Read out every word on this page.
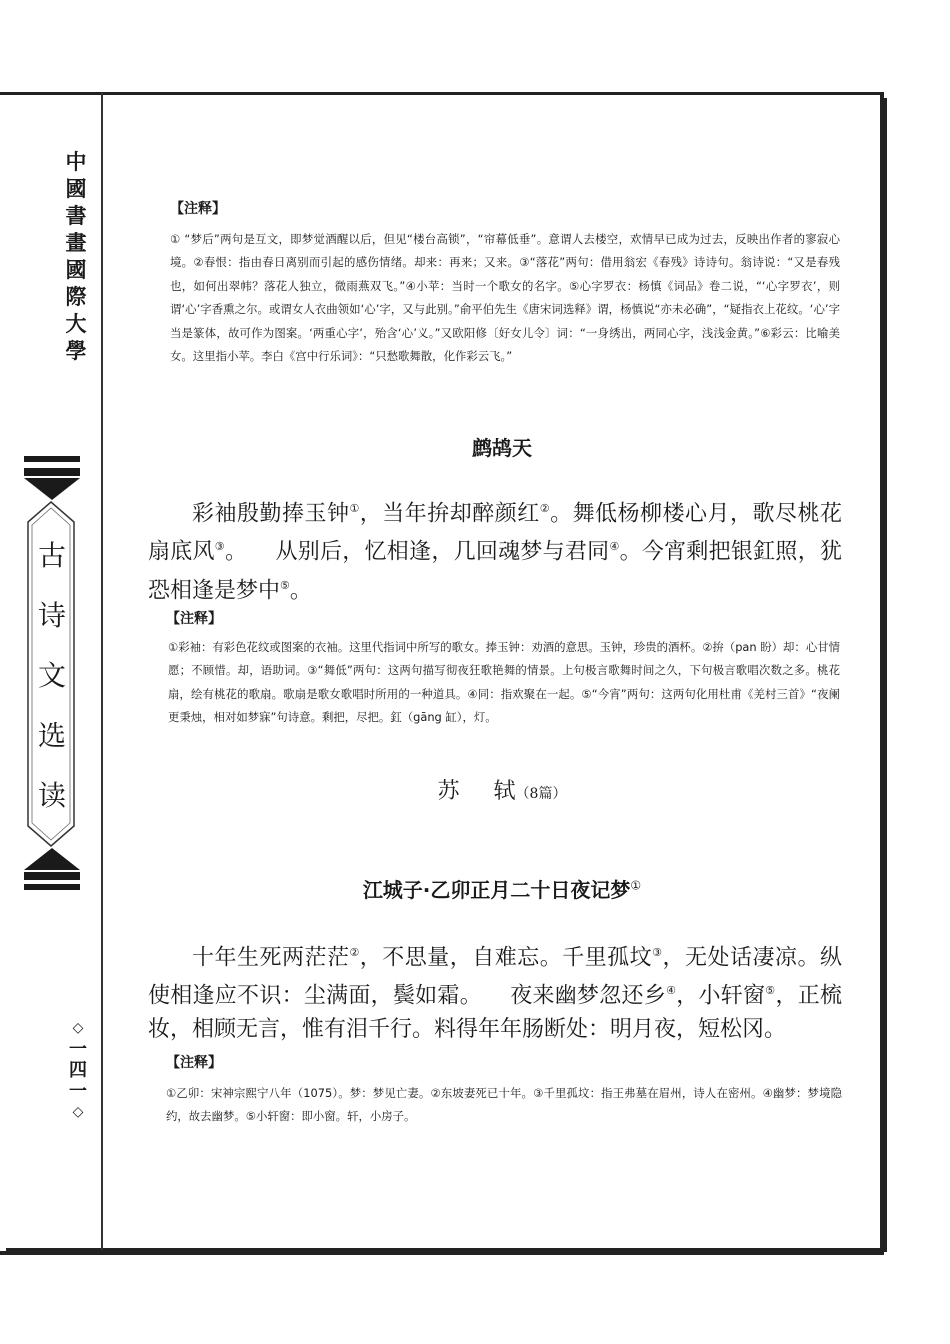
中
國
書
畫
國
際
大
學
古
诗
文
选
读
◇
一
四
一
◇

【注释】

① “梦后”两句是互文，即梦觉酒醒以后，但见“楼台高锁”，“帘幕低垂”。意谓人去楼空，欢情早已成为过去，反映出作者的寥寂心境。②春恨：指由春日离别而引起的感伤情绪。却来：再来；又来。③“落花”两句：借用翁宏《春残》诗诗句。翁诗说：“又是春残也，如何出翠帏？落花人独立，微雨燕双飞。”④小苹：当时一个歌女的名字。⑤心字罗衣：杨慎《词品》卷二说，“‘心字罗衣’，则谓‘心’字香熏之尔。或谓女人衣曲领如‘心’字，又与此别。”俞平伯先生《唐宋词选释》谓，杨慎说“亦未必确”，“疑指衣上花纹。‘心’字当是篆体，故可作为图案。‘两重心字’，殆含‘心’义。”又欧阳修〔好女儿令〕词：“一身绣出，两同心字，浅浅金黄。”⑥彩云：比喻美女。这里指小苹。李白《宫中行乐词》：“只愁歌舞散，化作彩云飞。”

鹧鸪天

彩袖殷勤捧玉钟①，当年拚却醉颜红②。舞低杨柳楼心月，歌尽桃花扇底风③。 从别后，忆相逢，几回魂梦与君同④。今宵剩把银釭照，犹恐相逢是梦中⑤。

【注释】

①彩袖：有彩色花纹或图案的衣袖。这里代指词中所写的歌女。捧玉钟：劝酒的意思。玉钟，珍贵的酒杯。②拚（pan 盼）却：心甘情愿；不顾惜。却，语助词。③“舞低”两句：这两句描写彻夜狂歌艳舞的情景。上句极言歌舞时间之久，下句极言歌唱次数之多。桃花扇，绘有桃花的歌扇。歌扇是歌女歌唱时所用的一种道具。④同：指欢聚在一起。⑤“今宵”两句：这两句化用杜甫《羌村三首》“夜阑更秉烛，相对如梦寐”句诗意。剩把，尽把。釭（gāng 缸），灯。

苏 轼（8篇）

江城子·乙卯正月二十日夜记梦①

十年生死两茫茫②，不思量，自难忘。千里孤坟③，无处话凄凉。纵使相逢应不识：尘满面，鬓如霜。 夜来幽梦忽还乡④，小轩窗⑤，正梳妆，相顾无言，惟有泪千行。料得年年肠断处：明月夜，短松冈。

【注释】

①乙卯：宋神宗熙宁八年（1075）。梦：梦见亡妻。②东坡妻死已十年。③千里孤坟：指王弗墓在眉州，诗人在密州。④幽梦：梦境隐约，故去幽梦。⑤小轩窗：即小窗。轩，小房子。
